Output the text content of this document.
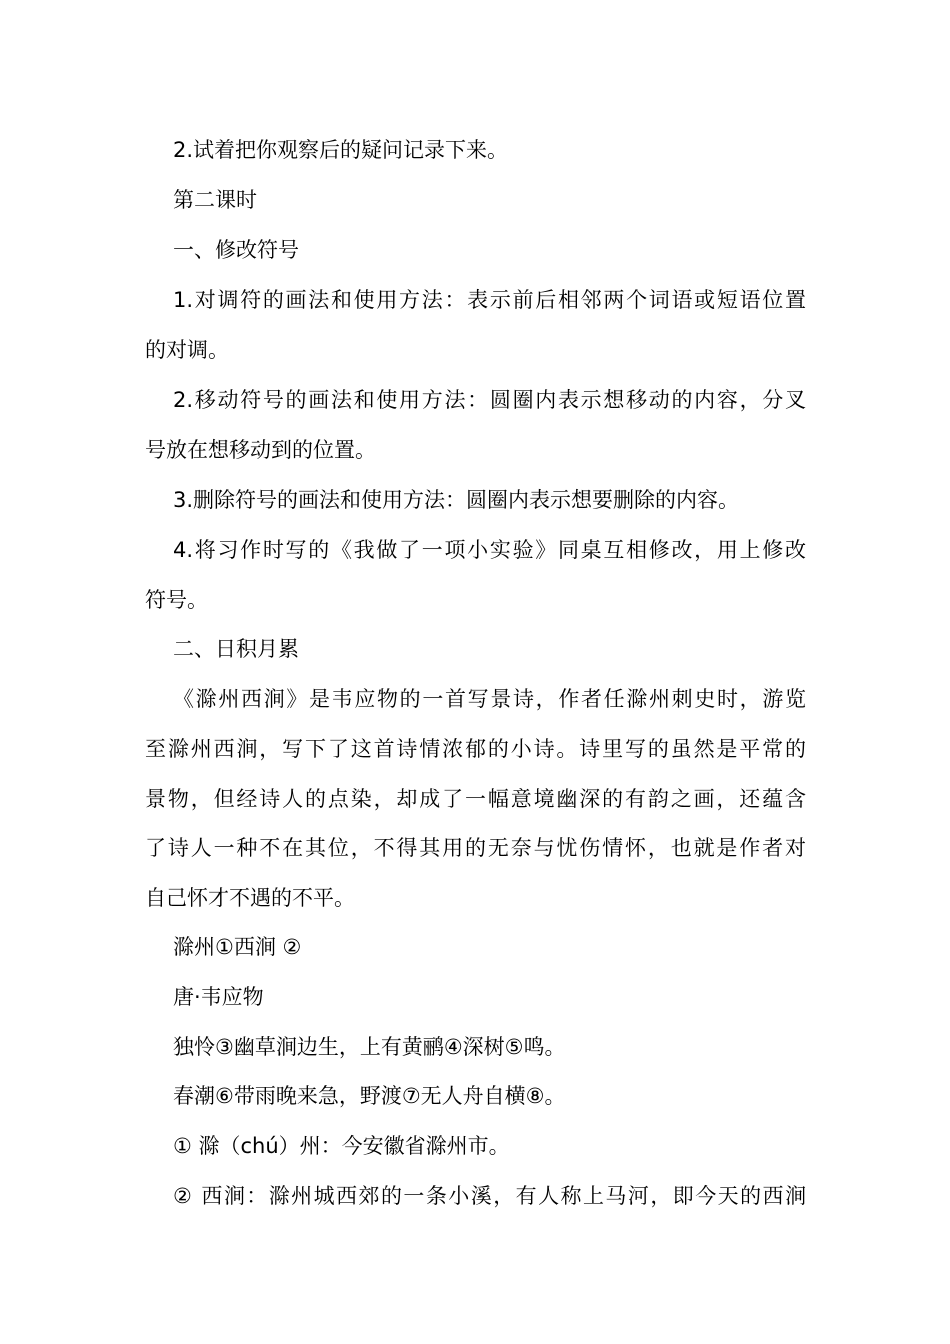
2.试着把你观察后的疑问记录下来。
第二课时
一、修改符号
1.对调符的画法和使用方法：表示前后相邻两个词语或短语位置
的对调。
2.移动符号的画法和使用方法：圆圈内表示想移动的内容，分叉
号放在想移动到的位置。
3.删除符号的画法和使用方法：圆圈内表示想要删除的内容。
4.将习作时写的《我做了一项小实验》同桌互相修改，用上修改
符号。
二、日积月累
《滁州西涧》是韦应物的一首写景诗，作者任滁州刺史时，游览
至滁州西涧，写下了这首诗情浓郁的小诗。诗里写的虽然是平常的
景物，但经诗人的点染，却成了一幅意境幽深的有韵之画，还蕴含
了诗人一种不在其位，不得其用的无奈与忧伤情怀，也就是作者对
自己怀才不遇的不平。
滁州①西涧 ②
唐·韦应物
独怜③幽草涧边生，上有黄鹂④深树⑤鸣。
春潮⑥带雨晚来急，野渡⑦无人舟自横⑧。
① 滁（chú）州：今安徽省滁州市。
② 西涧：滁州城西郊的一条小溪，有人称上马河，即今天的西涧
